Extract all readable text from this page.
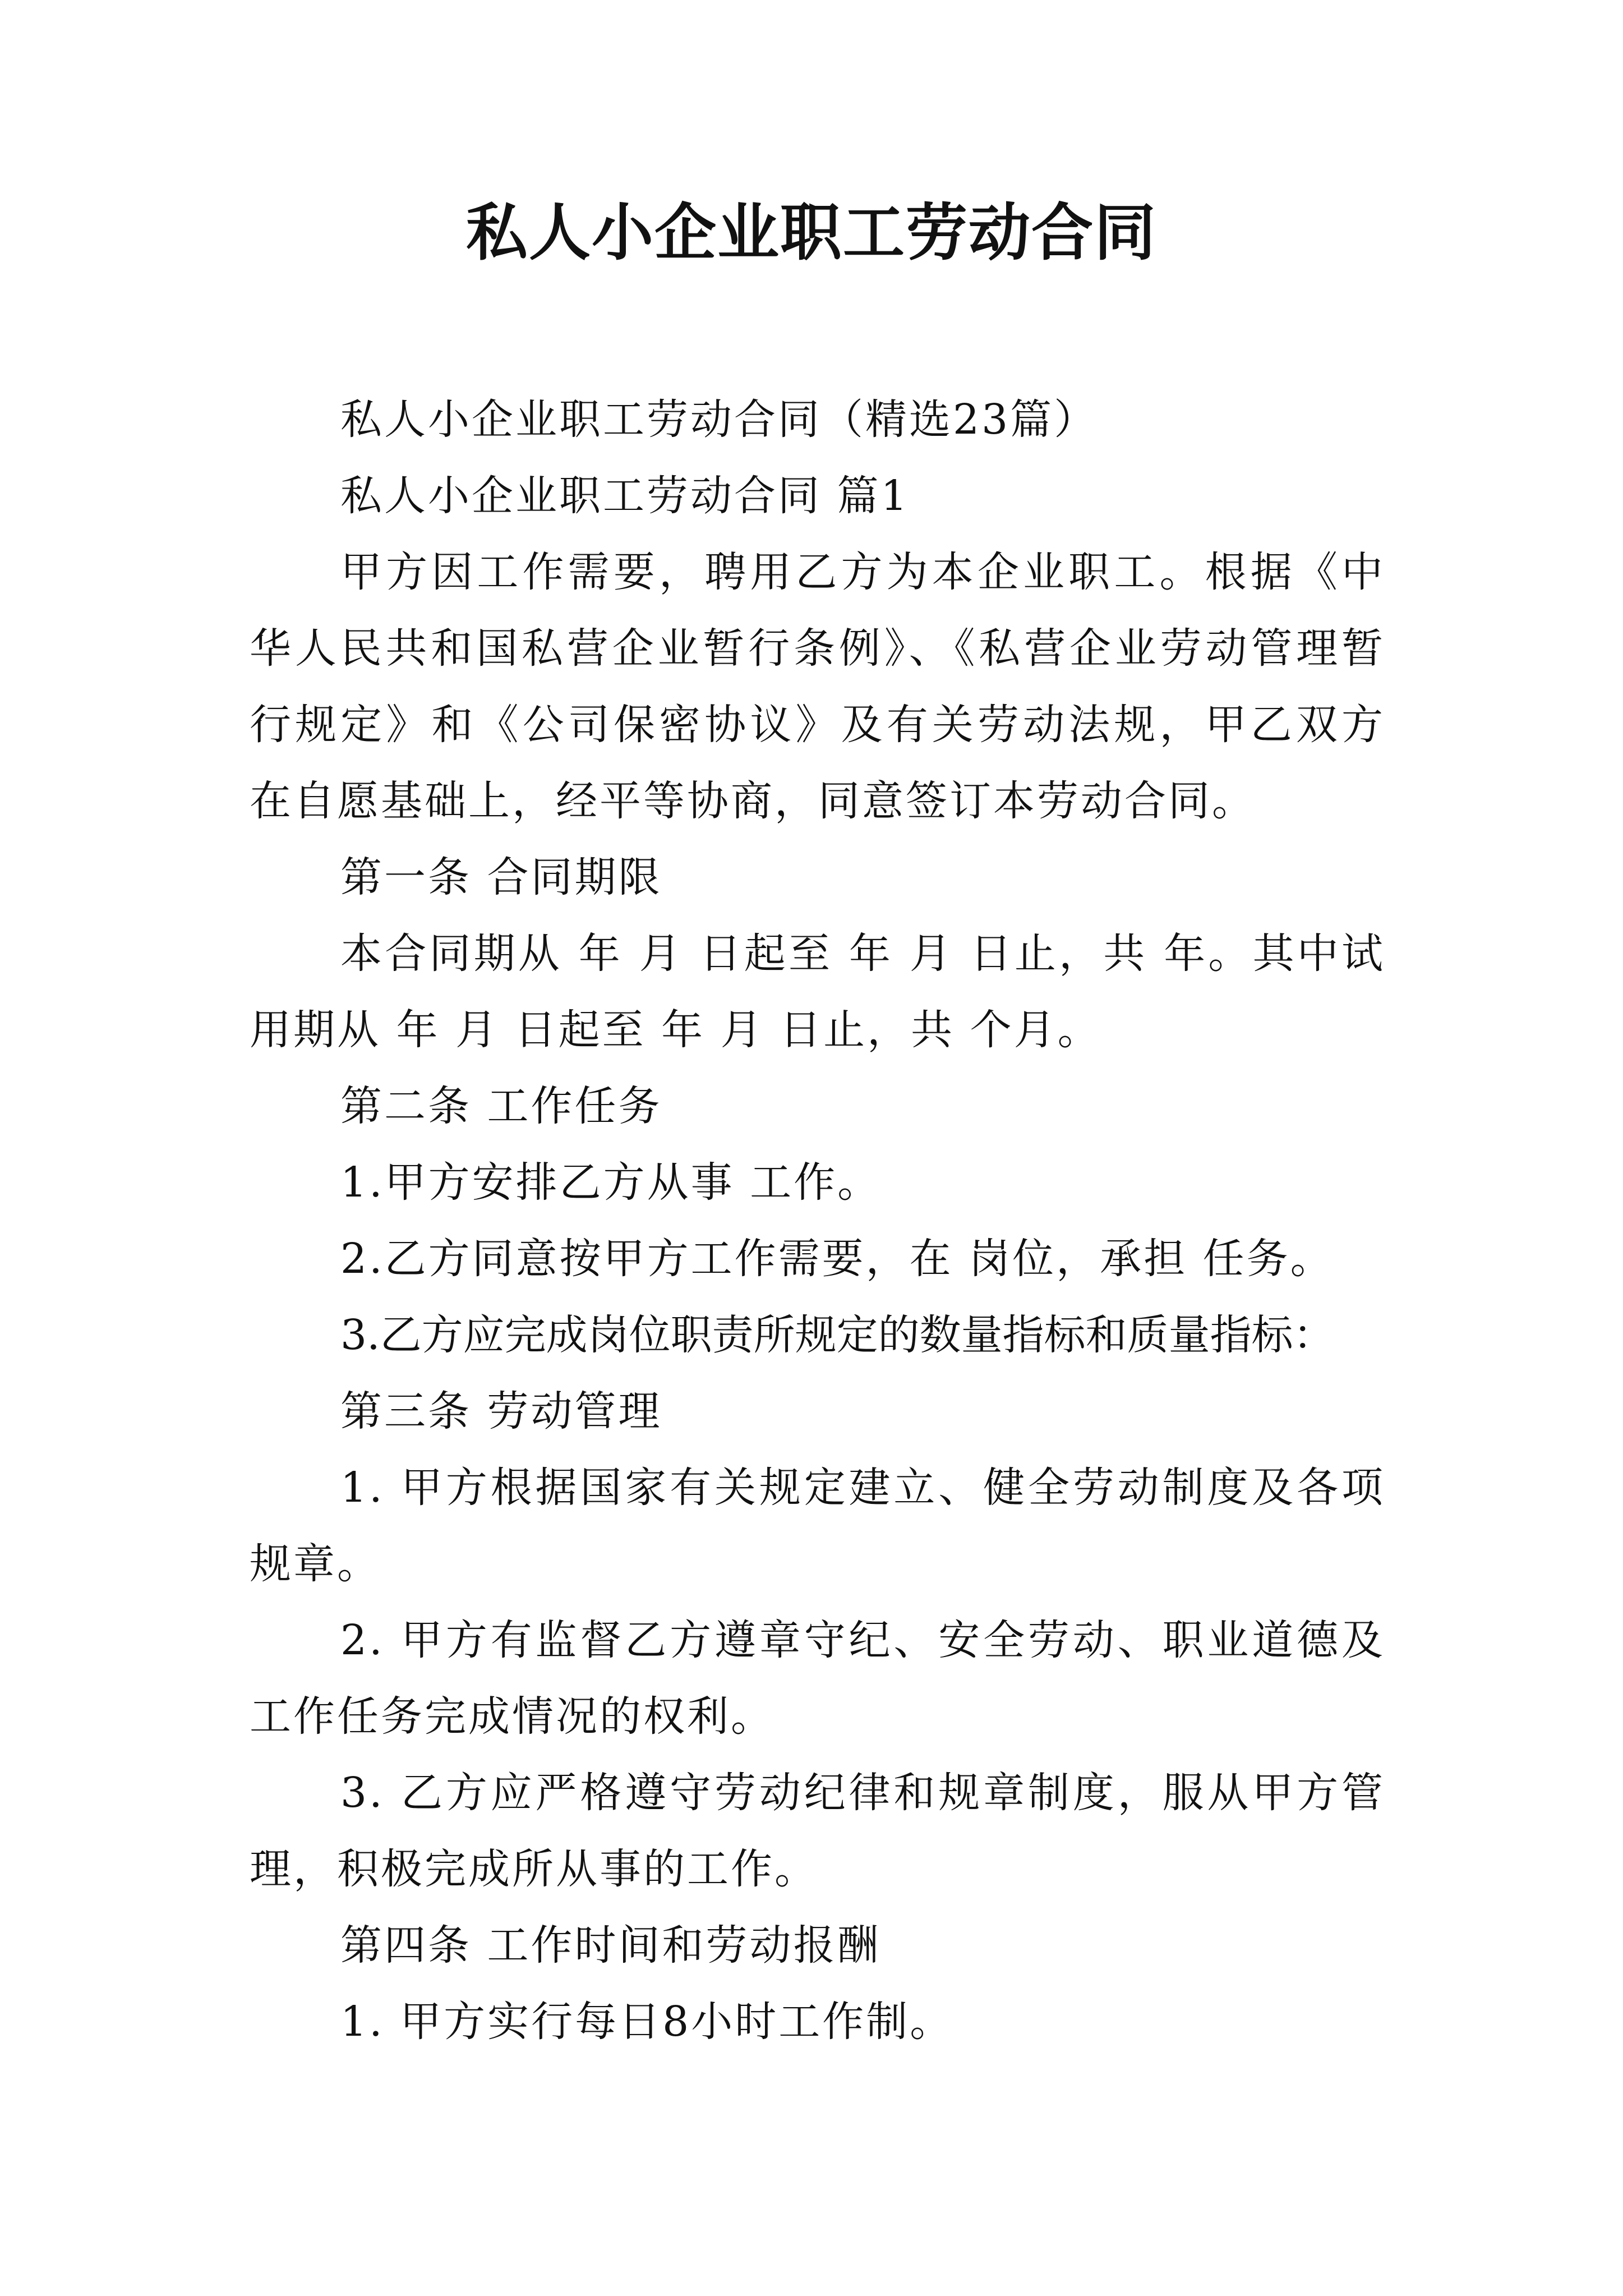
私人小企业职工劳动合同

私人小企业职工劳动合同（精选23篇）

私人小企业职工劳动合同 篇1

甲方因工作需要，聘用乙方为本企业职工。根据《中华人民共和国私营企业暂行条例》、《私营企业劳动管理暂行规定》和《公司保密协议》及有关劳动法规，甲乙双方在自愿基础上，经平等协商，同意签订本劳动合同。

第一条 合同期限

本合同期从 年 月 日起至 年 月 日止，共 年。其中试用期从 年 月 日起至 年 月 日止，共 个月。

第二条 工作任务

1.甲方安排乙方从事 工作。

2.乙方同意按甲方工作需要，在 岗位，承担 任务。

3.乙方应完成岗位职责所规定的数量指标和质量指标：

第三条 劳动管理

1. 甲方根据国家有关规定建立、健全劳动制度及各项规章。

2. 甲方有监督乙方遵章守纪、安全劳动、职业道德及工作任务完成情况的权利。

3. 乙方应严格遵守劳动纪律和规章制度，服从甲方管理，积极完成所从事的工作。

第四条 工作时间和劳动报酬

1. 甲方实行每日8小时工作制。
